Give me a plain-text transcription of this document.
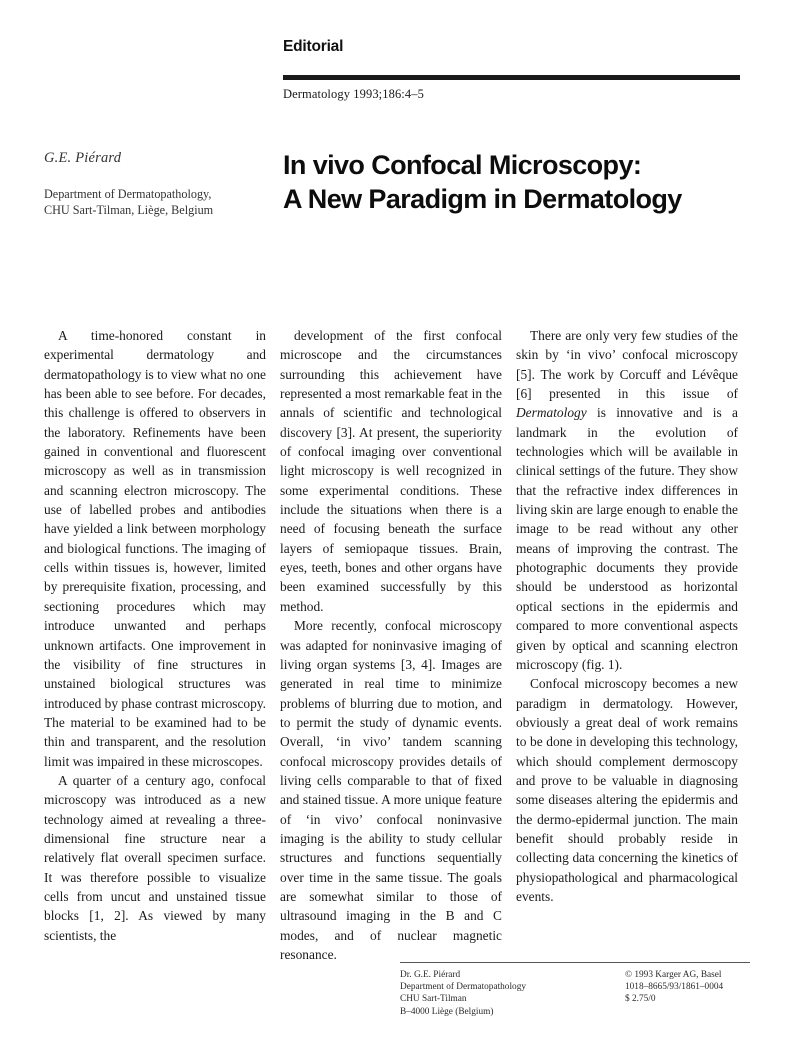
Editorial
Dermatology 1993;186:4–5
G.E. Piérard
Department of Dermatopathology,
CHU Sart-Tilman, Liège, Belgium
In vivo Confocal Microscopy:
A New Paradigm in Dermatology

A time-honored constant in experimental dermatology and dermatopathology is to view what no one has been able to see before. For decades, this challenge is offered to observers in the laboratory. Refinements have been gained in conventional and fluorescent microscopy as well as in transmission and scanning electron microscopy. The use of labelled probes and antibodies have yielded a link between morphology and biological functions. The imaging of cells within tissues is, however, limited by prerequisite fixation, processing, and sectioning procedures which may introduce unwanted and perhaps unknown artifacts. One improvement in the visibility of fine structures in unstained biological structures was introduced by phase contrast microscopy. The material to be examined had to be thin and transparent, and the resolution limit was impaired in these microscopes.

A quarter of a century ago, confocal microscopy was introduced as a new technology aimed at revealing a three-dimensional fine structure near a relatively flat overall specimen surface. It was therefore possible to visualize cells from uncut and unstained tissue blocks [1, 2]. As viewed by many scientists, the

development of the first confocal microscope and the circumstances surrounding this achievement have represented a most remarkable feat in the annals of scientific and technological discovery [3]. At present, the superiority of confocal imaging over conventional light microscopy is well recognized in some experimental conditions. These include the situations when there is a need of focusing beneath the surface layers of semiopaque tissues. Brain, eyes, teeth, bones and other organs have been examined successfully by this method.

More recently, confocal microscopy was adapted for noninvasive imaging of living organ systems [3, 4]. Images are generated in real time to minimize problems of blurring due to motion, and to permit the study of dynamic events. Overall, ‘in vivo’ tandem scanning confocal microscopy provides details of living cells comparable to that of fixed and stained tissue. A more unique feature of ‘in vivo’ confocal noninvasive imaging is the ability to study cellular structures and functions sequentially over time in the same tissue. The goals are somewhat similar to those of ultrasound imaging in the B and C modes, and of nuclear magnetic resonance.

There are only very few studies of the skin by ‘in vivo’ confocal microscopy [5]. The work by Corcuff and Lévêque [6] presented in this issue of Dermatology is innovative and is a landmark in the evolution of technologies which will be available in clinical settings of the future. They show that the refractive index differences in living skin are large enough to enable the image to be read without any other means of improving the contrast. The photographic documents they provide should be understood as horizontal optical sections in the epidermis and compared to more conventional aspects given by optical and scanning electron microscopy (fig. 1).

Confocal microscopy becomes a new paradigm in dermatology. However, obviously a great deal of work remains to be done in developing this technology, which should complement dermoscopy and prove to be valuable in diagnosing some diseases altering the epidermis and the dermo-epidermal junction. The main benefit should probably reside in collecting data concerning the kinetics of physiopathological and pharmacological events.

Dr. G.E. Piérard
Department of Dermatopathology
CHU Sart-Tilman
B–4000 Liège (Belgium)
© 1993 Karger AG, Basel
1018–8665/93/1861–0004
$ 2.75/0
